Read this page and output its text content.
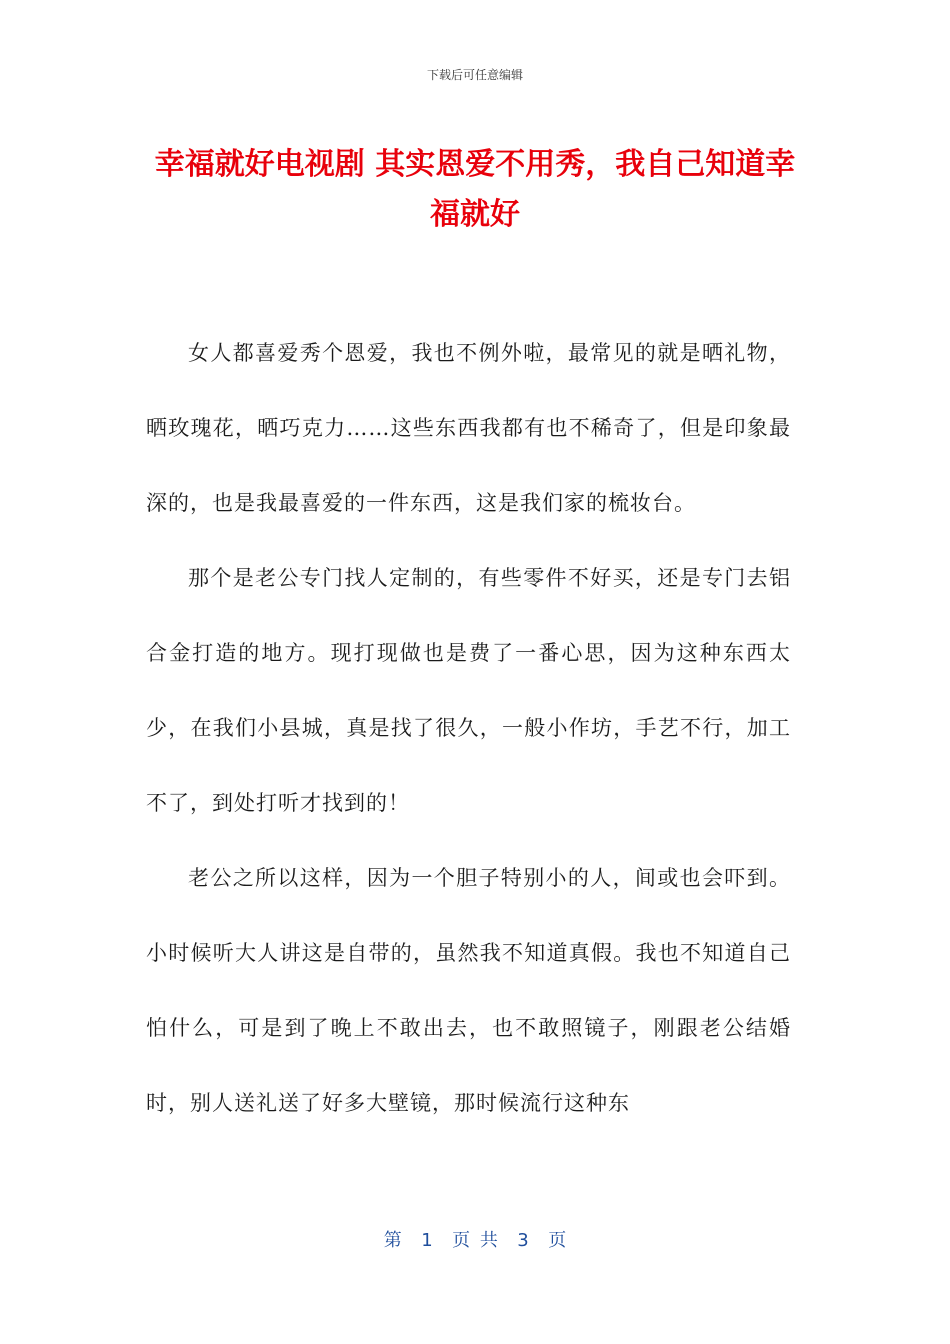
下载后可任意编辑
幸福就好电视剧 其实恩爱不用秀，我自己知道幸福就好

女人都喜爱秀个恩爱，我也不例外啦，最常见的就是晒礼物，晒玫瑰花，晒巧克力……这些东西我都有也不稀奇了，但是印象最深的，也是我最喜爱的一件东西，这是我们家的梳妆台。

那个是老公专门找人定制的，有些零件不好买，还是专门去铝合金打造的地方。现打现做也是费了一番心思，因为这种东西太少，在我们小县城，真是找了很久，一般小作坊，手艺不行，加工不了，到处打听才找到的！

老公之所以这样，因为一个胆子特别小的人，间或也会吓到。小时候听大人讲这是自带的，虽然我不知道真假。我也不知道自己怕什么，可是到了晚上不敢出去，也不敢照镜子，刚跟老公结婚时，别人送礼送了好多大壁镜，那时候流行这种东

第  1  页 共  3  页
